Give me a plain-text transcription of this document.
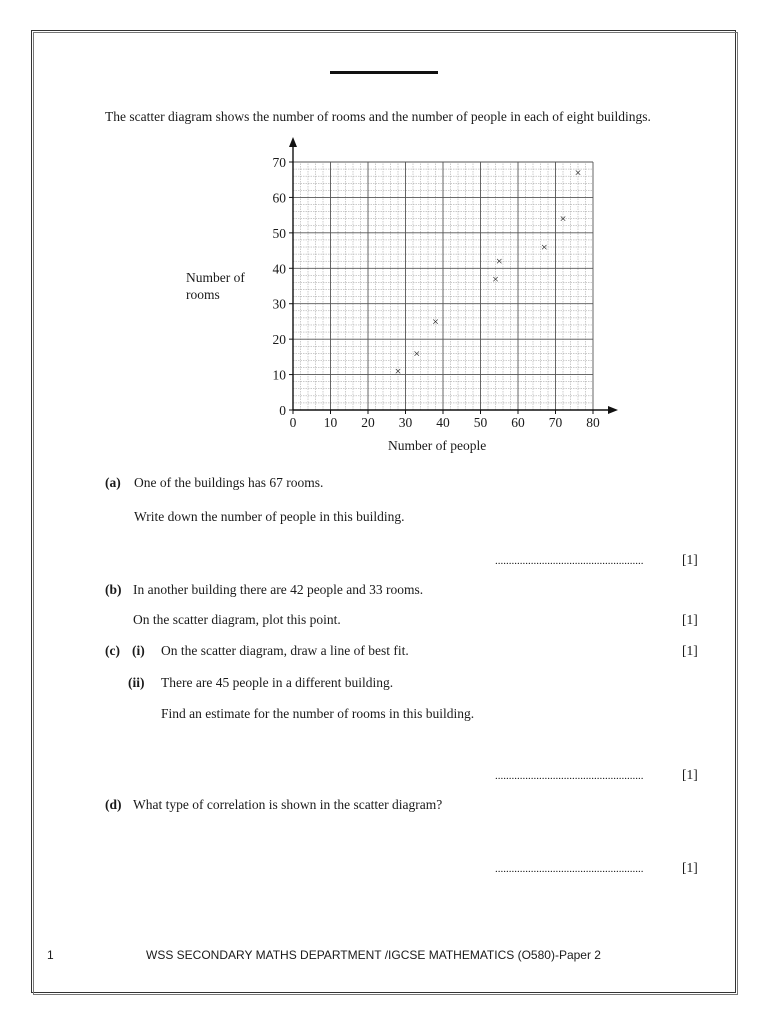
The scatter diagram shows the number of rooms and the number of people in each of eight buildings.
Number of
rooms
0 10 20 30 40 50 60 70 80
0
10
20
30
40
50
60
70
×
×
×
×
×
×
×
×
Number of people
(a) One of the buildings has 67 rooms.
Write down the number of people in this building.
......................................................	[1]
(b) In another building there are 42 people and 33 rooms.
On the scatter diagram, plot this point.	[1]
(c) (i) On the scatter diagram, draw a line of best fit.	[1]
(ii) There are 45 people in a different building.
Find an estimate for the number of rooms in this building.
......................................................	[1]
(d) What type of correlation is shown in the scatter diagram?
......................................................	[1]
1	WSS SECONDARY MATHS DEPARTMENT /IGCSE MATHEMATICS (O580)-Paper 2
